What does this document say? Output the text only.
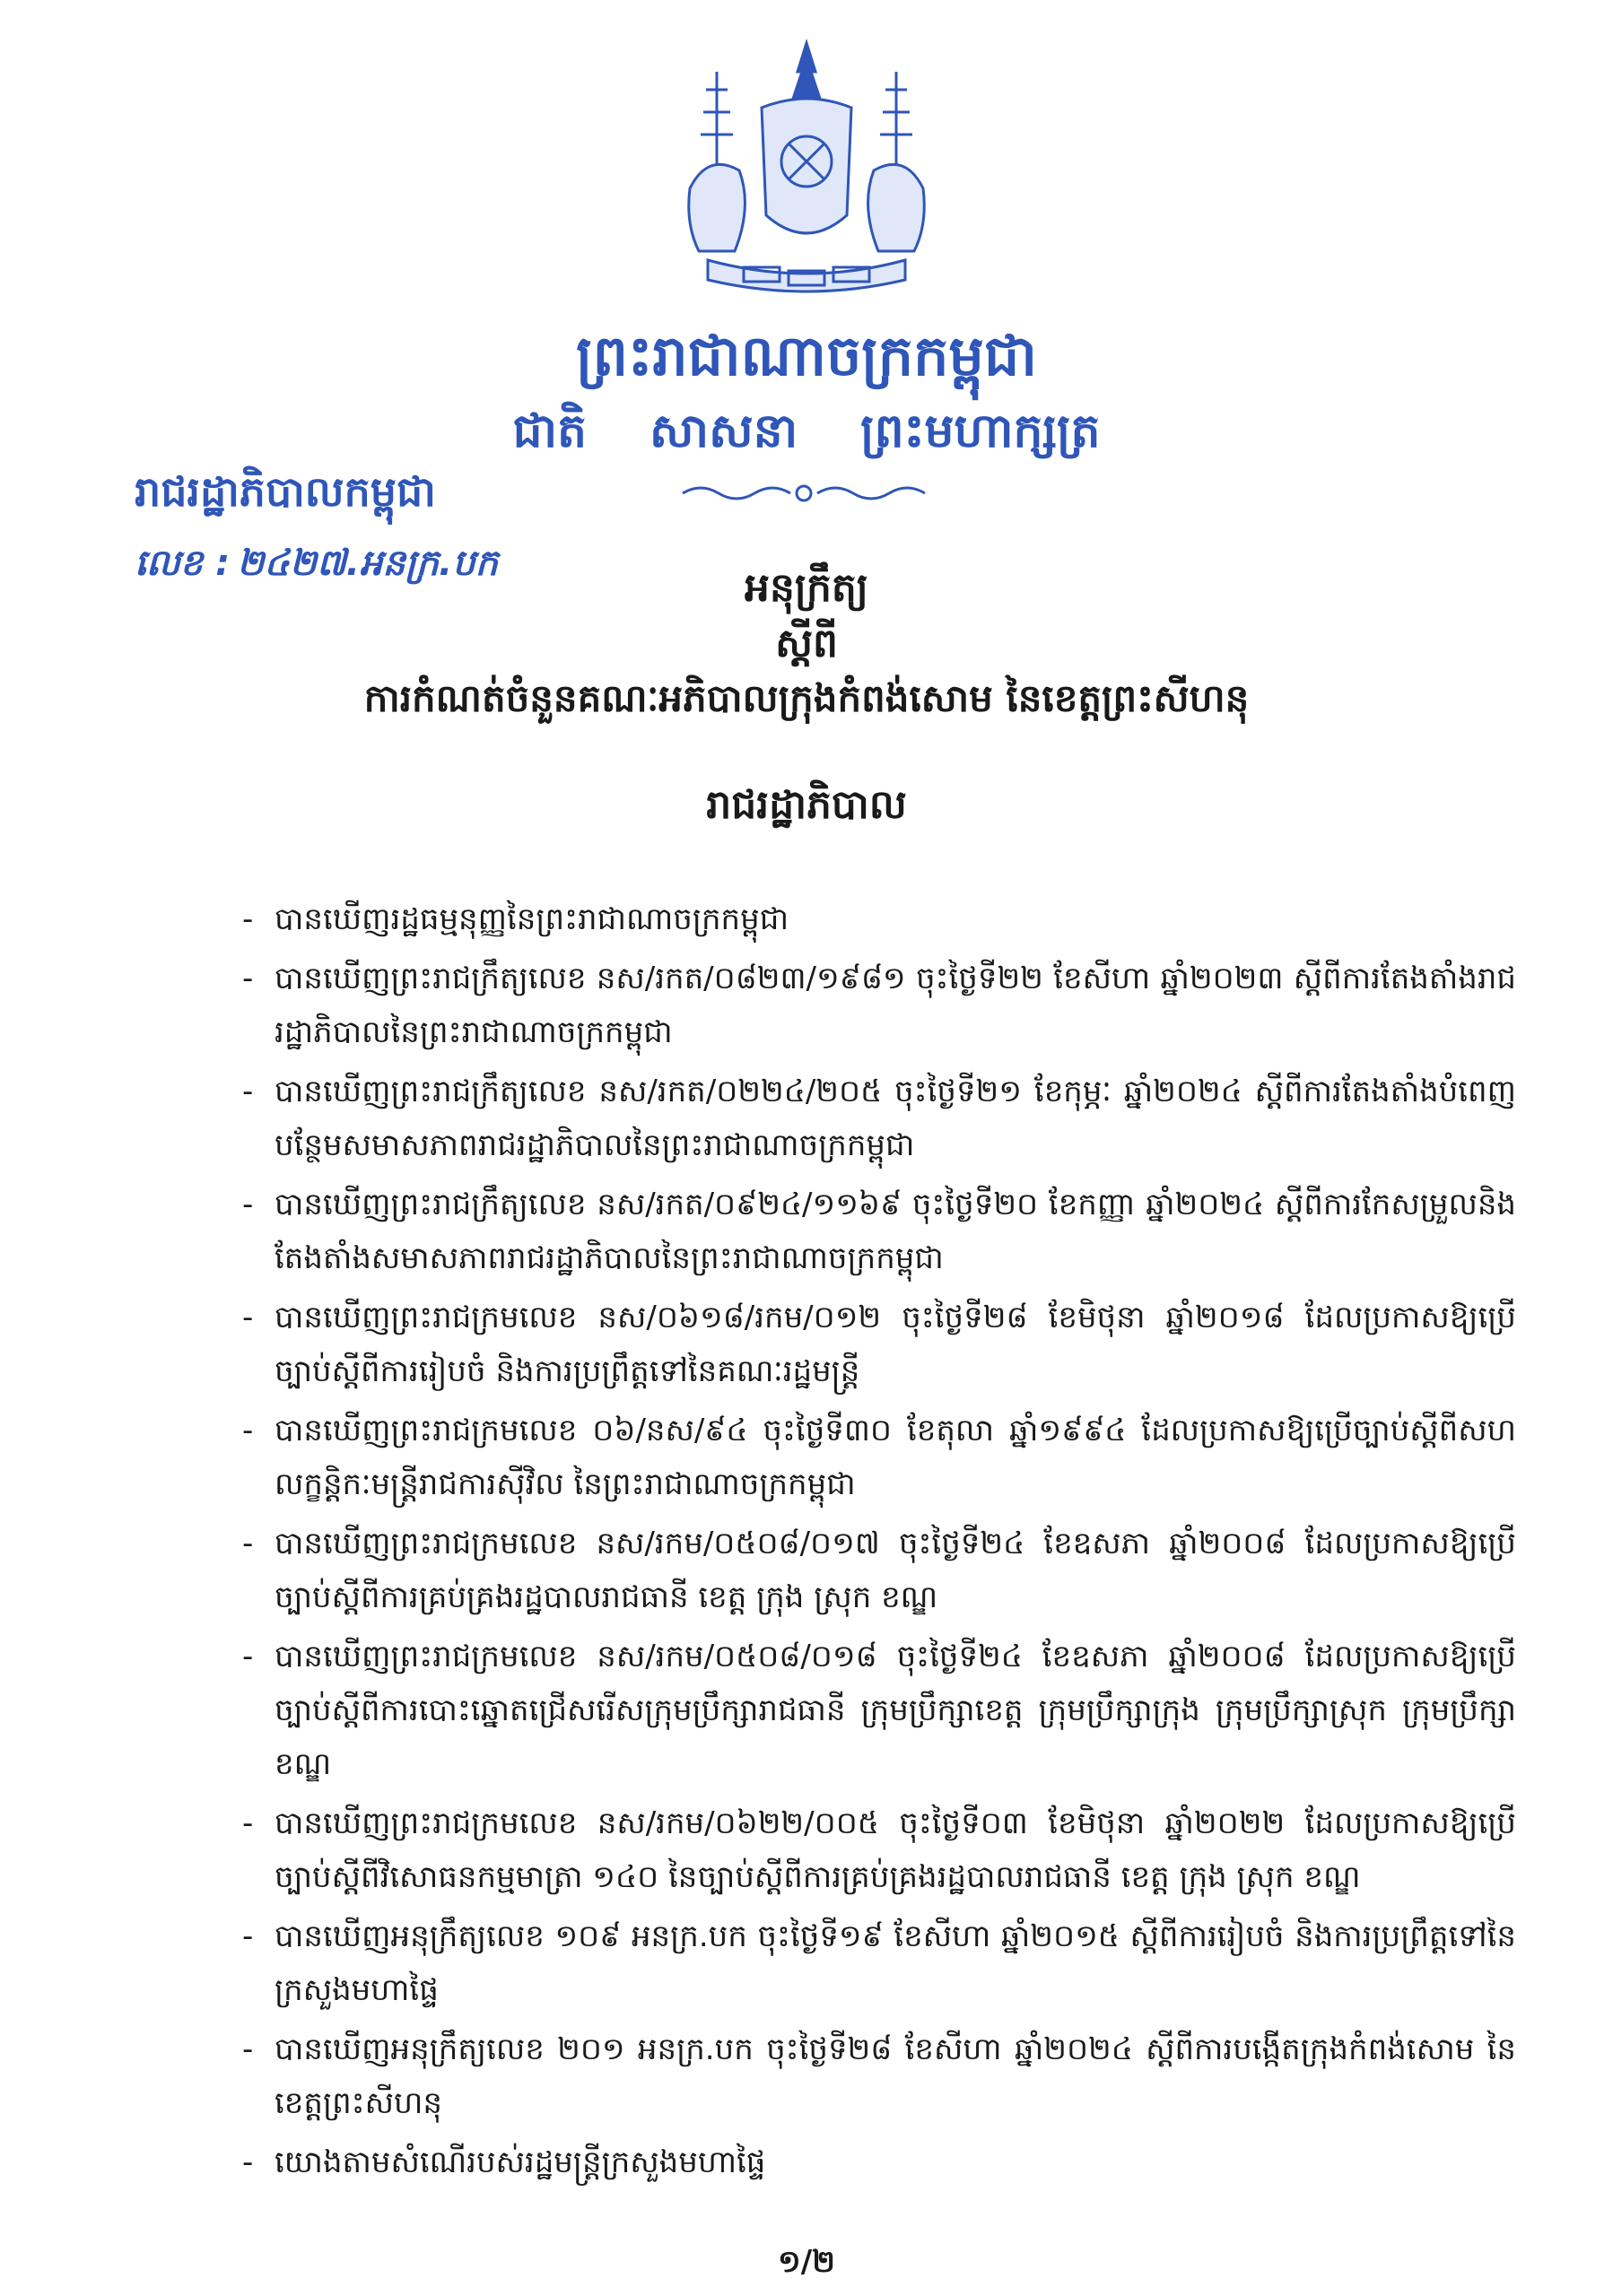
ព្រះរាជាណាចក្រកម្ពុជា
ជាតិ សាសនា ព្រះមហាក្សត្រ
រាជរដ្ឋាភិបាលកម្ពុជា
លេខ : ២៤២៧.អនក្រ.បក
អនុក្រឹត្យ
ស្តីពី
ការកំណត់ចំនួនគណៈអភិបាលក្រុងកំពង់សោម នៃខេត្តព្រះសីហនុ
រាជរដ្ឋាភិបាល
- បានឃើញរដ្ឋធម្មនុញ្ញនៃព្រះរាជាណាចក្រកម្ពុជា
- បានឃើញព្រះរាជក្រឹត្យលេខ នស/រកត/០៨២៣/១៩៨១ ចុះថ្ងៃទី២២ ខែសីហា ឆ្នាំ២០២៣ ស្តីពីការតែងតាំងរាជរដ្ឋាភិបាលនៃព្រះរាជាណាចក្រកម្ពុជា
- បានឃើញព្រះរាជក្រឹត្យលេខ នស/រកត/០២២៤/២០៥ ចុះថ្ងៃទី២១ ខែកុម្ភៈ ឆ្នាំ២០២៤ ស្តីពីការតែងតាំងបំពេញបន្ថែមសមាសភាពរាជរដ្ឋាភិបាលនៃព្រះរាជាណាចក្រកម្ពុជា
- បានឃើញព្រះរាជក្រឹត្យលេខ នស/រកត/០៩២៤/១១៦៩ ចុះថ្ងៃទី២០ ខែកញ្ញា ឆ្នាំ២០២៤ ស្តីពីការកែសម្រួលនិងតែងតាំងសមាសភាពរាជរដ្ឋាភិបាលនៃព្រះរាជាណាចក្រកម្ពុជា
- បានឃើញព្រះរាជក្រមលេខ នស/០៦១៨/រកម/០១២ ចុះថ្ងៃទី២៨ ខែមិថុនា ឆ្នាំ២០១៨ ដែលប្រកាសឱ្យប្រើច្បាប់ស្តីពីការរៀបចំ និងការប្រព្រឹត្តទៅនៃគណៈរដ្ឋមន្ត្រី
- បានឃើញព្រះរាជក្រមលេខ ០៦/នស/៩៤ ចុះថ្ងៃទី៣០ ខែតុលា ឆ្នាំ១៩៩៤ ដែលប្រកាសឱ្យប្រើច្បាប់ស្តីពីសហលក្ខន្តិកៈមន្ត្រីរាជការស៊ីវិល នៃព្រះរាជាណាចក្រកម្ពុជា
- បានឃើញព្រះរាជក្រមលេខ នស/រកម/០៥០៨/០១៧ ចុះថ្ងៃទី២៤ ខែឧសភា ឆ្នាំ២០០៨ ដែលប្រកាសឱ្យប្រើច្បាប់ស្តីពីការគ្រប់គ្រងរដ្ឋបាលរាជធានី ខេត្ត ក្រុង ស្រុក ខណ្ឌ
- បានឃើញព្រះរាជក្រមលេខ នស/រកម/០៥០៨/០១៨ ចុះថ្ងៃទី២៤ ខែឧសភា ឆ្នាំ២០០៨ ដែលប្រកាសឱ្យប្រើច្បាប់ស្តីពីការបោះឆ្នោតជ្រើសរើសក្រុមប្រឹក្សារាជធានី ក្រុមប្រឹក្សាខេត្ត ក្រុមប្រឹក្សាក្រុង ក្រុមប្រឹក្សាស្រុក ក្រុមប្រឹក្សាខណ្ឌ
- បានឃើញព្រះរាជក្រមលេខ នស/រកម/០៦២២/០០៥ ចុះថ្ងៃទី០៣ ខែមិថុនា ឆ្នាំ២០២២ ដែលប្រកាសឱ្យប្រើច្បាប់ស្តីពីវិសោធនកម្មមាត្រា ១៤០ នៃច្បាប់ស្តីពីការគ្រប់គ្រងរដ្ឋបាលរាជធានី ខេត្ត ក្រុង ស្រុក ខណ្ឌ
- បានឃើញអនុក្រឹត្យលេខ ១០៩ អនក្រ.បក ចុះថ្ងៃទី១៩ ខែសីហា ឆ្នាំ២០១៥ ស្តីពីការរៀបចំ និងការប្រព្រឹត្តទៅនៃក្រសួងមហាផ្ទៃ
- បានឃើញអនុក្រឹត្យលេខ ២០១ អនក្រ.បក ចុះថ្ងៃទី២៨ ខែសីហា ឆ្នាំ២០២៤ ស្តីពីការបង្កើតក្រុងកំពង់សោម នៃខេត្តព្រះសីហនុ
- យោងតាមសំណើរបស់រដ្ឋមន្ត្រីក្រសួងមហាផ្ទៃ
១/២
